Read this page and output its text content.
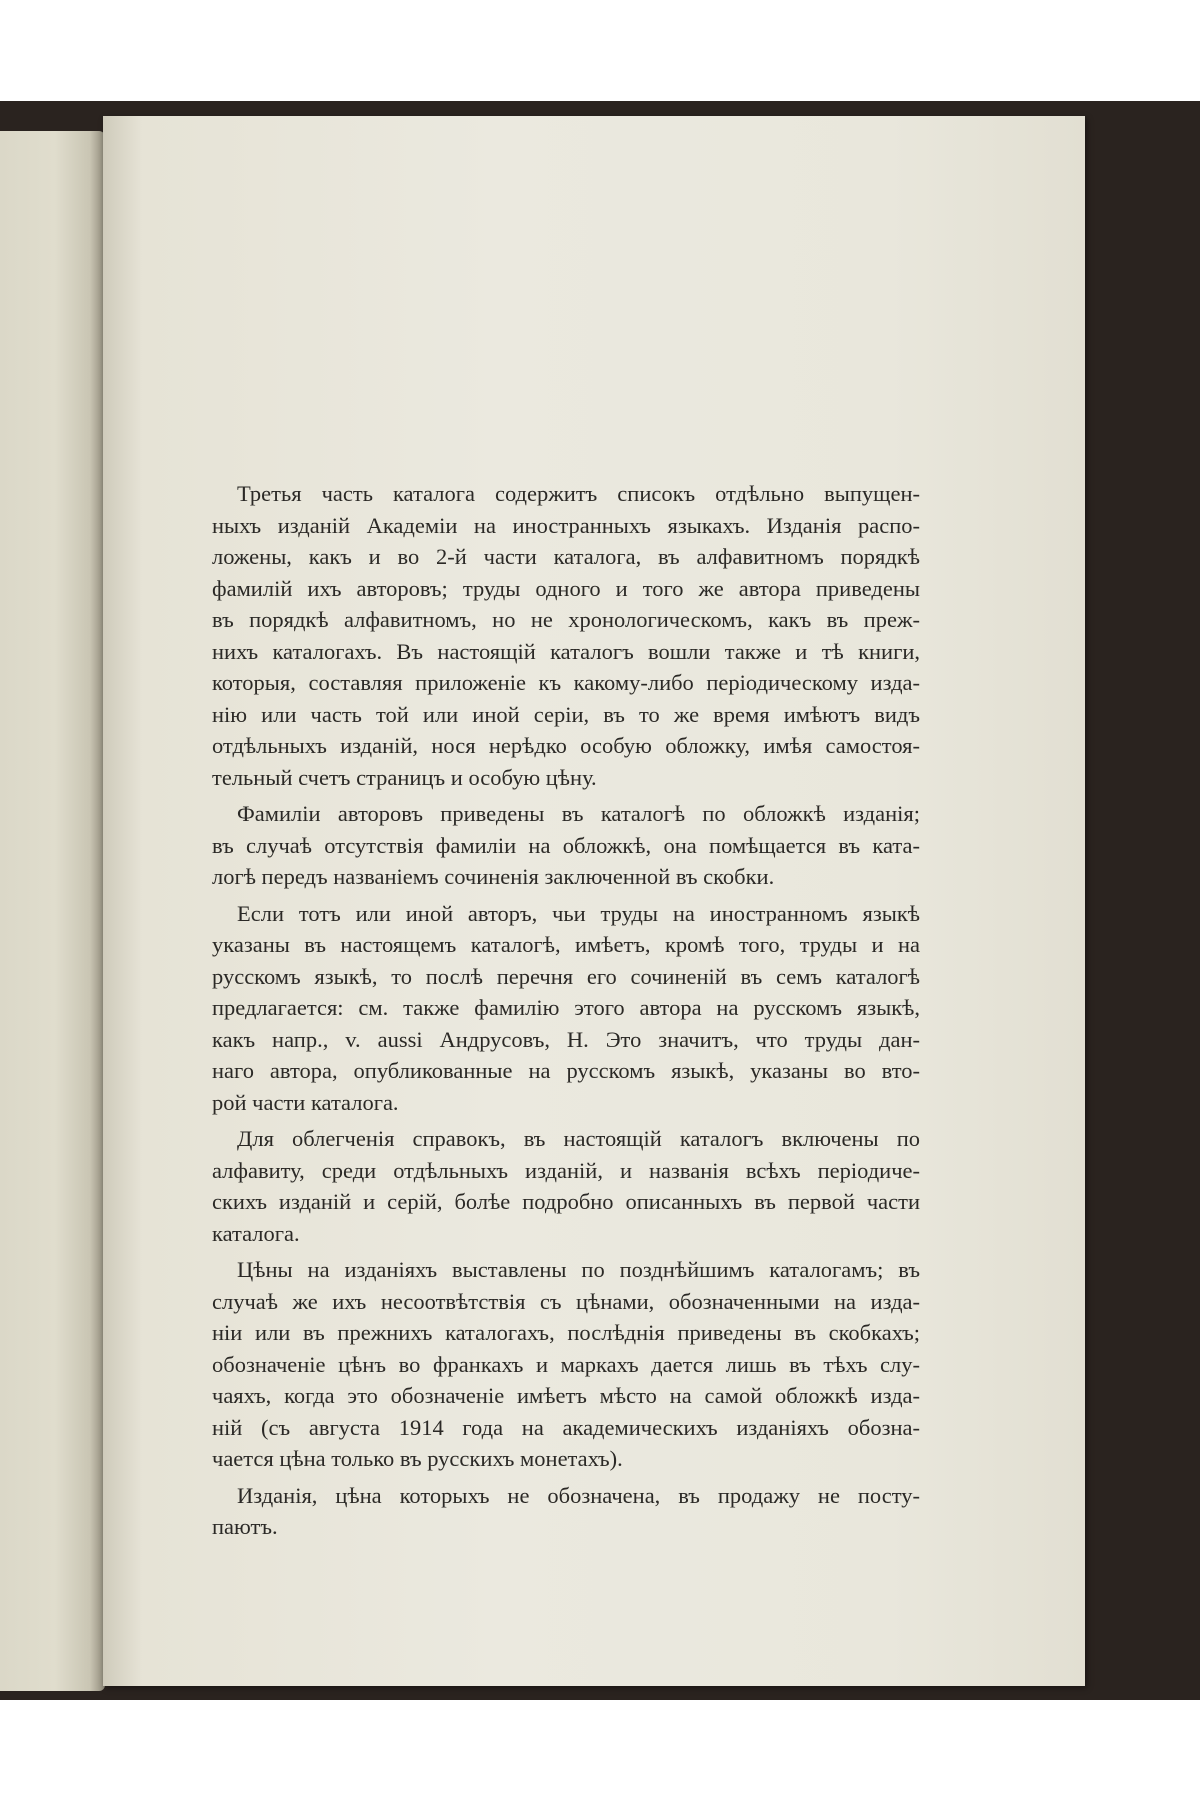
Третья часть каталога содержитъ списокъ отдѣльно выпущен-
ныхъ изданій Академіи на иностранныхъ языкахъ. Изданія распо-
ложены, какъ и во 2-й части каталога, въ алфавитномъ порядкѣ
фамилій ихъ авторовъ; труды одного и того же автора приведены
въ порядкѣ алфавитномъ, но не хронологическомъ, какъ въ преж-
нихъ каталогахъ. Въ настоящій каталогъ вошли также и тѣ книги,
которыя, составляя приложеніе къ какому-либо періодическому изда-
нію или часть той или иной серіи, въ то же время имѣютъ видъ
отдѣльныхъ изданій, нося нерѣдко особую обложку, имѣя самостоя-
тельный счетъ страницъ и особую цѣну.
Фамиліи авторовъ приведены въ каталогѣ по обложкѣ изданія;
въ случаѣ отсутствія фамиліи на обложкѣ, она помѣщается въ ката-
логѣ передъ названіемъ сочиненія заключенной въ скобки.
Если тотъ или иной авторъ, чьи труды на иностранномъ языкѣ
указаны въ настоящемъ каталогѣ, имѣетъ, кромѣ того, труды и на
русскомъ языкѣ, то послѣ перечня его сочиненій въ семъ каталогѣ
предлагается: см. также фамилію этого автора на русскомъ языкѣ,
какъ напр., v. aussi Андрусовъ, Н. Это значитъ, что труды дан-
наго автора, опубликованные на русскомъ языкѣ, указаны во вто-
рой части каталога.
Для облегченія справокъ, въ настоящій каталогъ включены по
алфавиту, среди отдѣльныхъ изданій, и названія всѣхъ періодиче-
скихъ изданій и серій, болѣе подробно описанныхъ въ первой части
каталога.
Цѣны на изданіяхъ выставлены по позднѣйшимъ каталогамъ; въ
случаѣ же ихъ несоотвѣтствія съ цѣнами, обозначенными на изда-
ніи или въ прежнихъ каталогахъ, послѣднія приведены въ скобкахъ;
обозначеніе цѣнъ во франкахъ и маркахъ дается лишь въ тѣхъ слу-
чаяхъ, когда это обозначеніе имѣетъ мѣсто на самой обложкѣ изда-
ній (съ августа 1914 года на академическихъ изданіяхъ обозна-
чается цѣна только въ русскихъ монетахъ).
Изданія, цѣна которыхъ не обозначена, въ продажу не посту-
паютъ.
